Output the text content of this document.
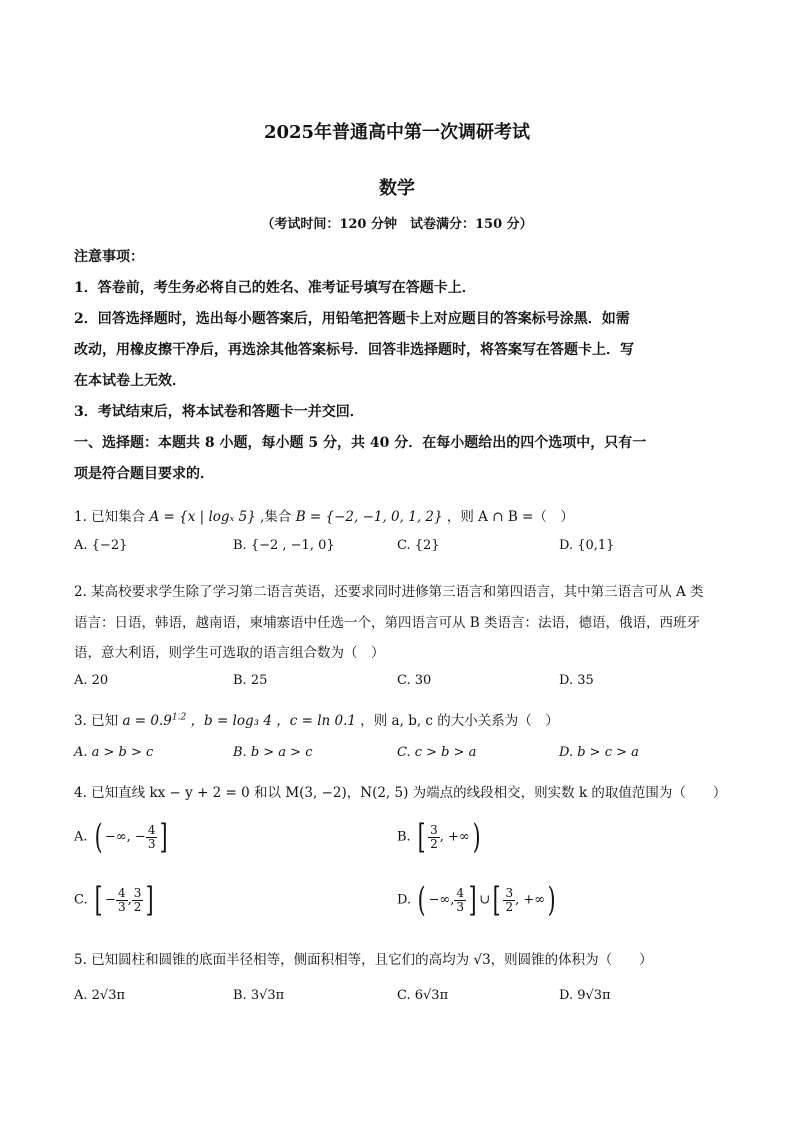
2025年普通高中第一次调研考试
数学
（考试时间：120 分钟　试卷满分：150 分）
注意事项：
1．答卷前，考生务必将自己的姓名、准考证号填写在答题卡上．
2．回答选择题时，选出每小题答案后，用铅笔把答题卡上对应题目的答案标号涂黑．如需
改动，用橡皮擦干净后，再选涂其他答案标号．回答非选择题时，将答案写在答题卡上．写
在本试卷上无效．
3．考试结束后，将本试卷和答题卡一并交回．
一、选择题：本题共 8 小题，每小题 5 分，共 40 分．在每小题给出的四个选项中，只有一
项是符合题目要求的．
1. 已知集合 A = {x | logₓ 5} ,集合 B = {−2, −1, 0, 1, 2} ，则 A ∩ B =（　）
A. {−2}	B. {−2 , −1, 0}	C. {2}	D. {0,1}
2. 某高校要求学生除了学习第二语言英语，还要求同时进修第三语言和第四语言，其中第三语言可从 A 类
语言：日语，韩语，越南语，柬埔寨语中任选一个，第四语言可从 B 类语言：法语，德语，俄语，西班牙
语，意大利语，则学生可选取的语言组合数为（　）
A. 20	B. 25	C. 30	D. 35
3. 已知 $a = 0.9^{1.2}$ ，b = log₃ 4 ，c = ln 0.1 ，则 a, b, c 的大小关系为（　）
A. a > b > c	B. b > a > c	C. c > b > a	D. b > c > a
4. 已知直线 kx − y + 2 = 0 和以 M(3, −2)，N(2, 5) 为端点的线段相交，则实数 k 的取值范围为（　　）
A. ( −∞, − $\frac{4}{3}$ ]	B. [ $\frac{3}{2}$ , +∞)
C. [ − $\frac{4}{3}$ , $\frac{3}{2}$ ]	D. ( −∞, $\frac{4}{3}$ ] ∪[ $\frac{3}{2}$ , +∞)
5. 已知圆柱和圆锥的底面半径相等，侧面积相等，且它们的高均为 √3，则圆锥的体积为（　　）
A. 2√3π	B. 3√3π	C. 6√3π	D. 9√3π
